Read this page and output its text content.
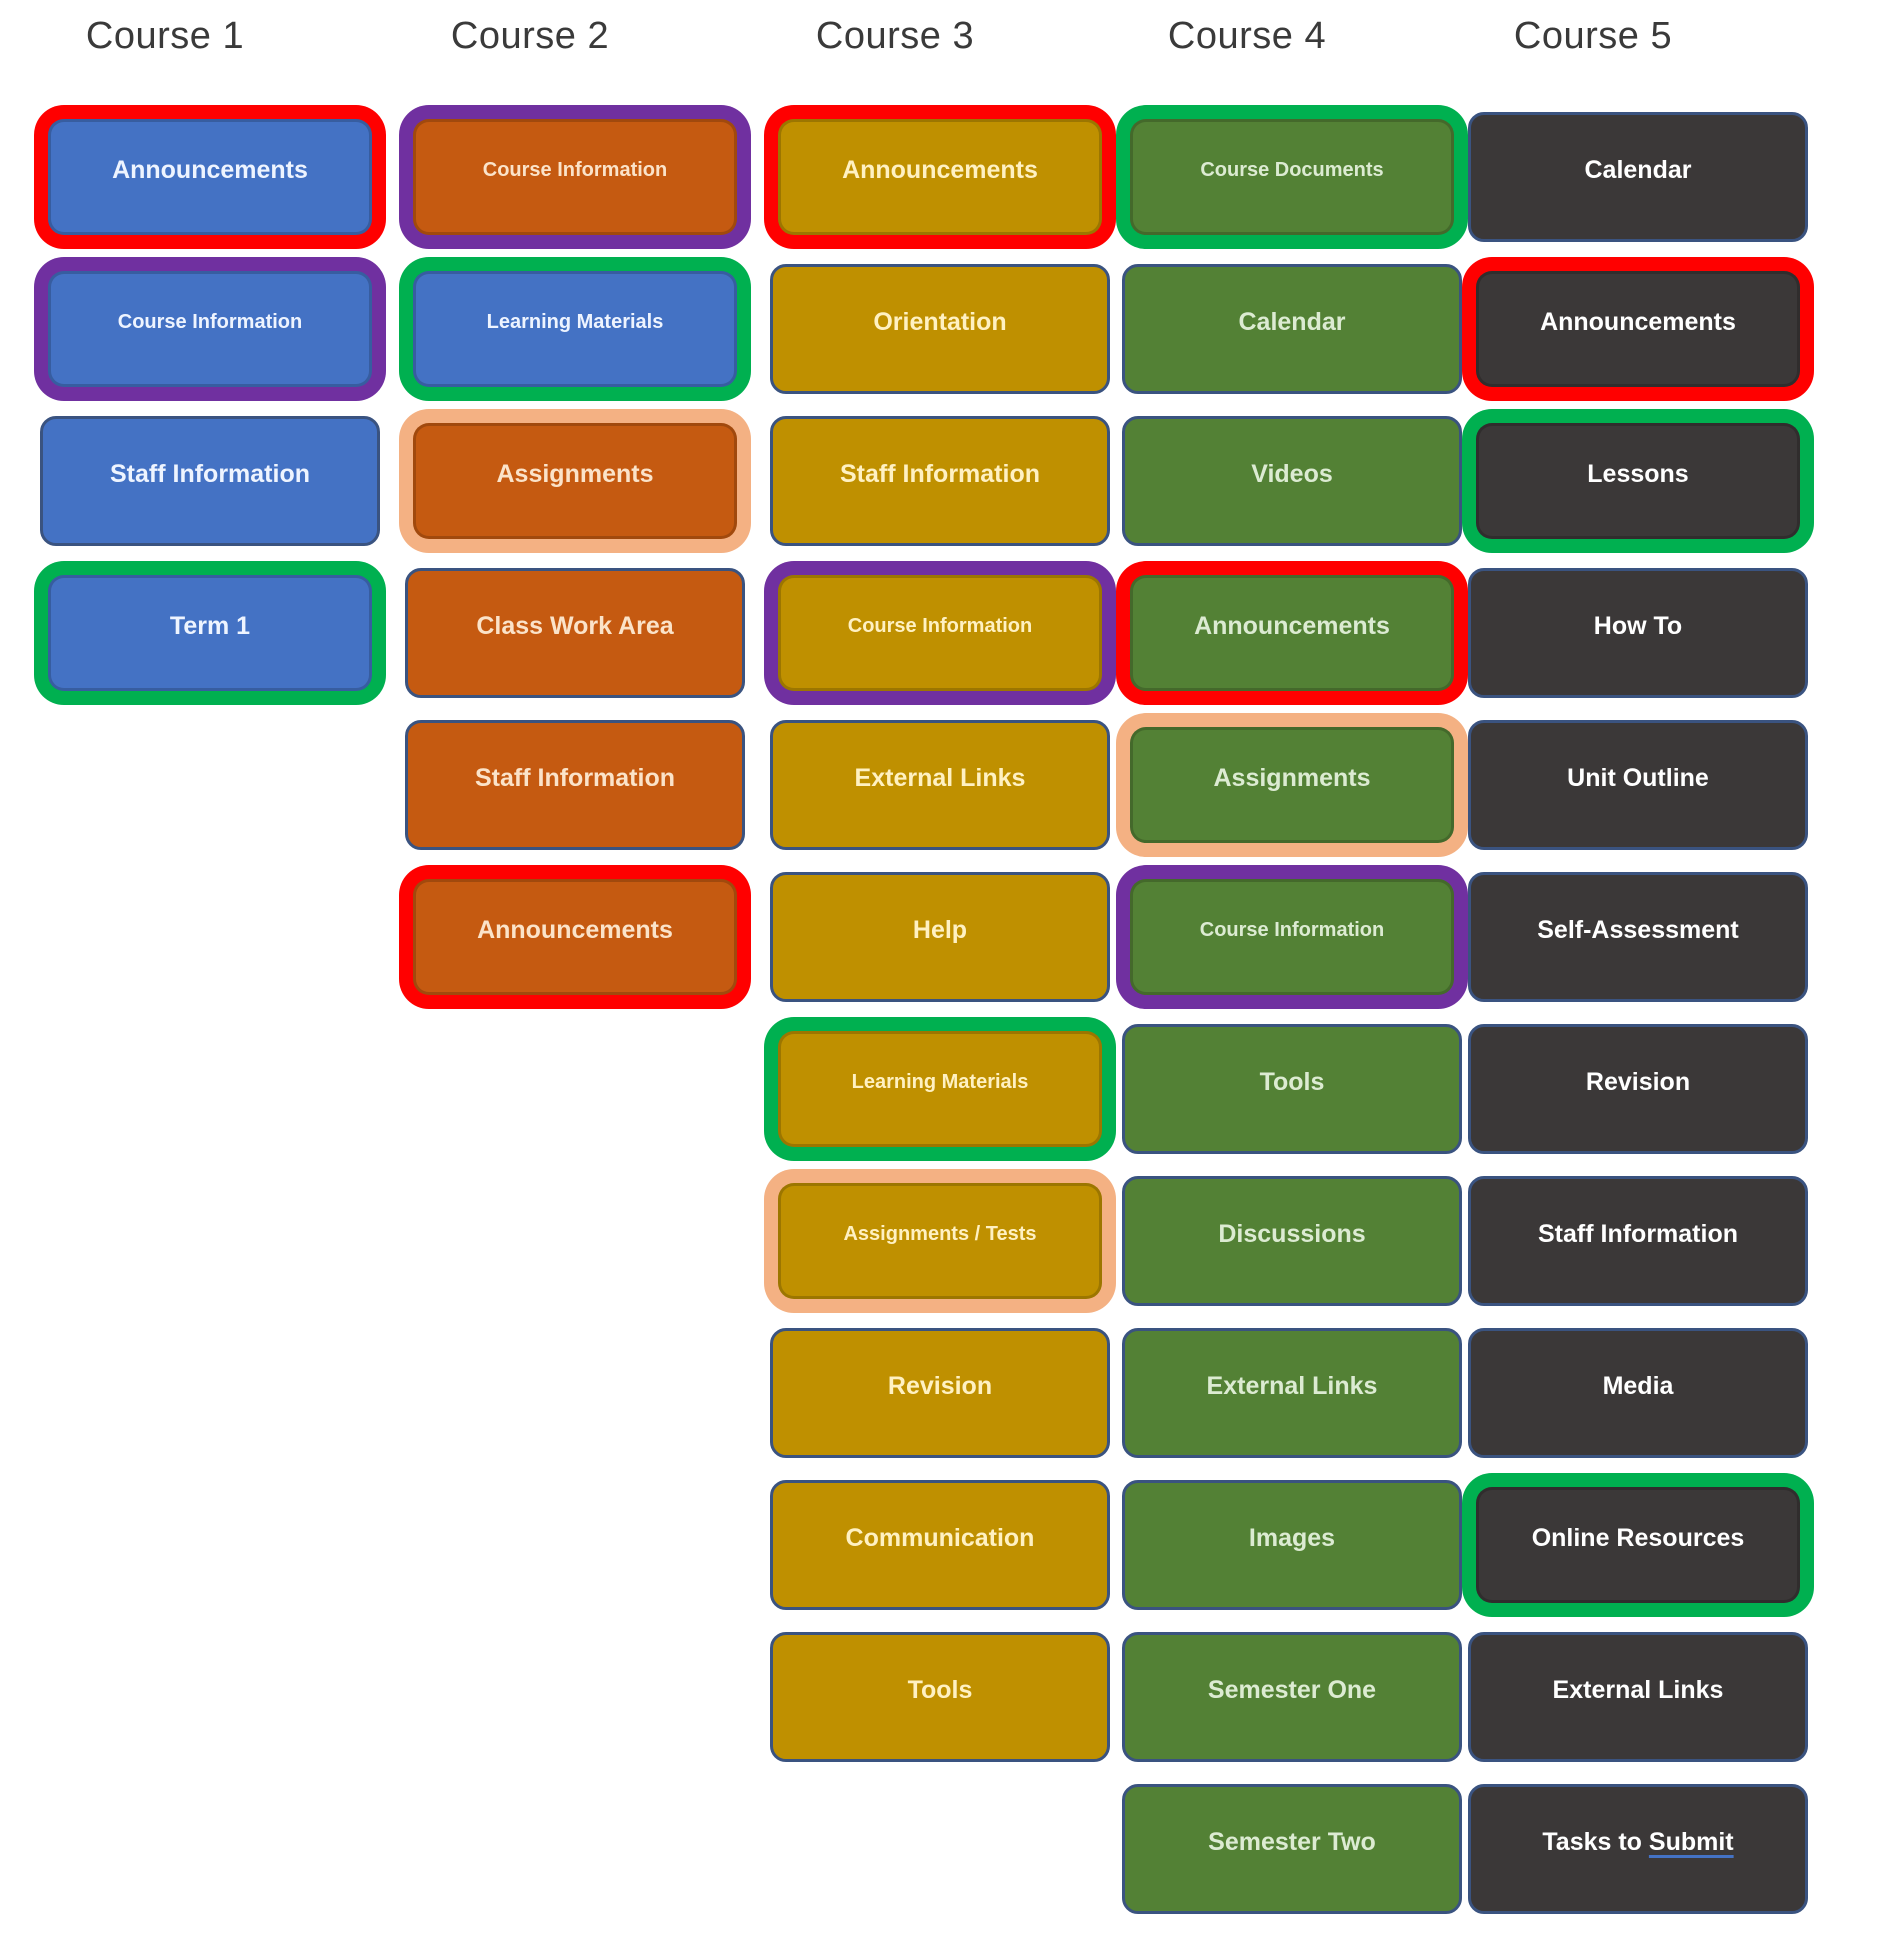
Course 1
Announcements
Course Information
Staff Information
Term 1
Course 2
Course Information
Learning Materials
Assignments
Class Work Area
Staff Information
Announcements
Course 3
Announcements
Orientation
Staff Information
Course Information
External Links
Help
Learning Materials
Assignments / Tests
Revision
Communication
Tools
Course 4
Course Documents
Calendar
Videos
Announcements
Assignments
Course Information
Tools
Discussions
External Links
Images
Semester One
Semester Two
Course 5
Calendar
Announcements
Lessons
How To
Unit Outline
Self-Assessment
Revision
Staff Information
Media
Online Resources
External Links
Tasks to Submit
